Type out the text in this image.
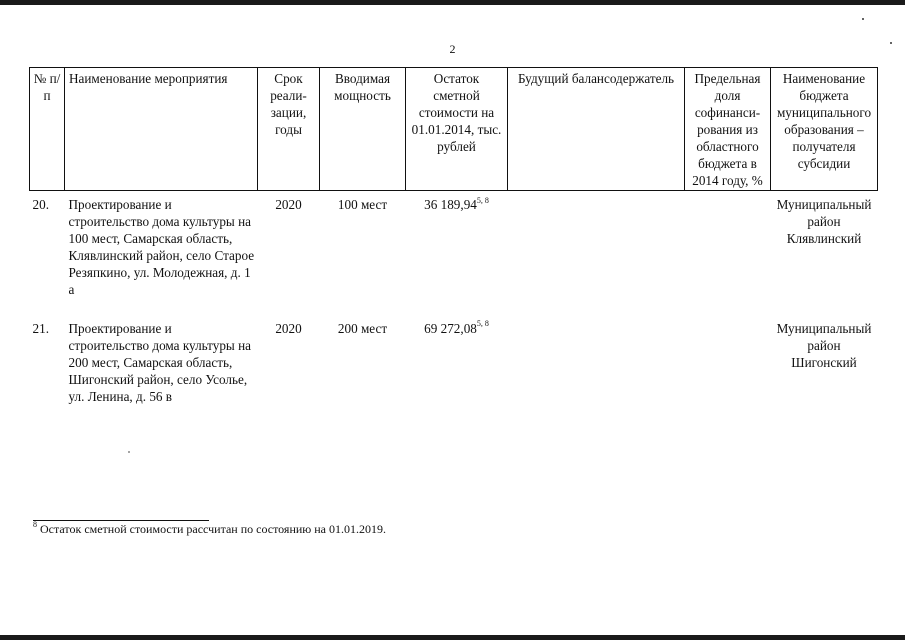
2
№ п/п	Наименование мероприятия	Срок реали-зации, годы	Вводимая мощность	Остаток сметной стоимости на 01.01.2014, тыс. рублей	Будущий балансодержатель	Предельная доля софинанси-рования из областного бюджета в 2014 году, %	Наименование бюджета муниципального образования – получателя субсидии
20.	Проектирование и строительство дома культуры на 100 мест, Самарская область, Клявлинский район, село Старое Резяпкино, ул. Молодежная, д. 1 а	2020	100 мест	36 189,94$^{5, 8}$			Муниципальный район Клявлинский
21.	Проектирование и строительство дома культуры на 200 мест, Самарская область, Шигонский район, село Усолье, ул. Ленина, д. 56 в	2020	200 мест	69 272,08$^{5, 8}$			Муниципальный район Шигонский
$^8$ Остаток сметной стоимости рассчитан по состоянию на 01.01.2019.
